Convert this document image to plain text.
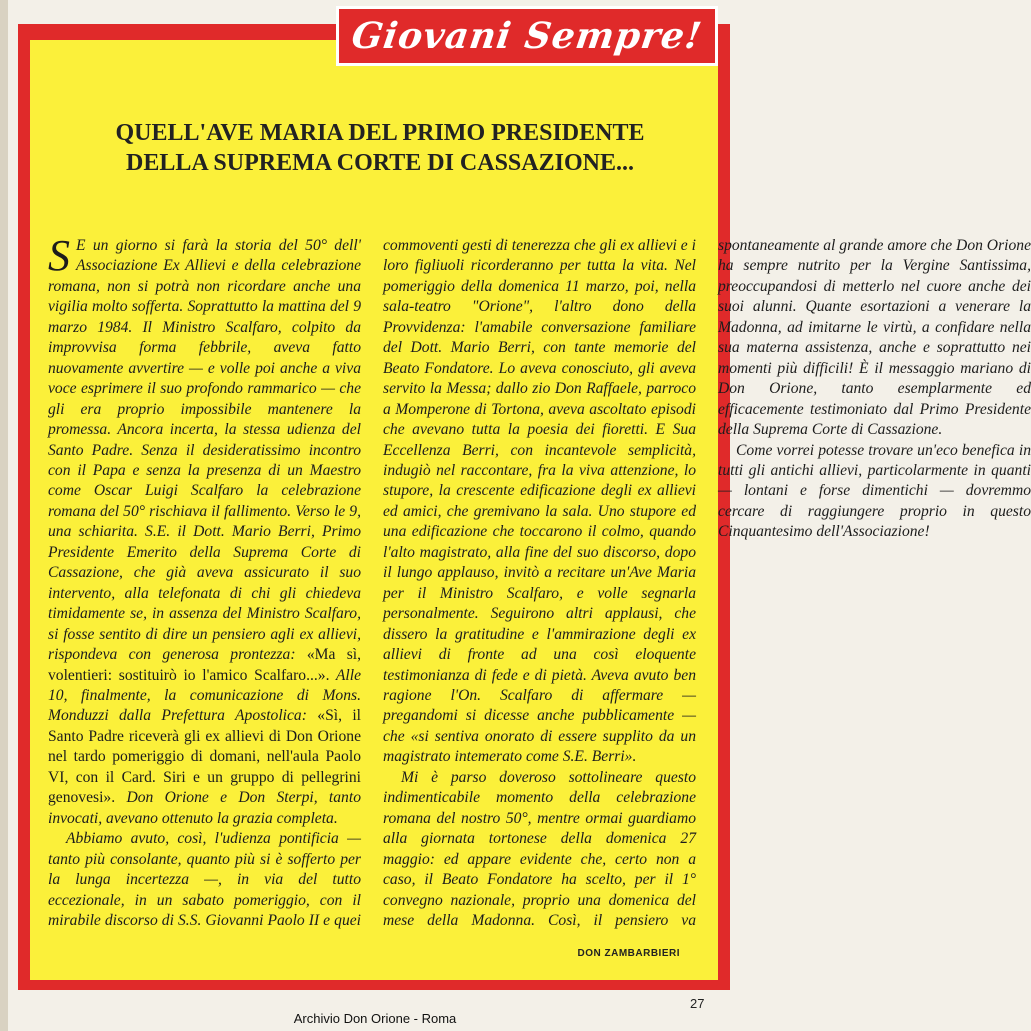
Giovani Sempre!
QUELL'AVE MARIA DEL PRIMO PRESIDENTE
DELLA SUPREMA CORTE DI CASSAZIONE...

S E un giorno si farà la storia del 50° dell' Associazione Ex Allievi e della celebrazione romana, non si potrà non ricordare anche una vigilia molto sofferta. Soprattutto la mattina del 9 marzo 1984. Il Ministro Scalfaro, colpito da improvvisa forma febbrile, aveva fatto nuovamente avvertire — e volle poi anche a viva voce esprimere il suo profondo rammarico — che gli era proprio impossibile mantenere la promessa. Ancora incerta, la stessa udienza del Santo Padre. Senza il desideratissimo incontro con il Papa e senza la presenza di un Maestro come Oscar Luigi Scalfaro la celebrazione romana del 50° rischiava il fallimento. Verso le 9, una schiarita. S.E. il Dott. Mario Berri, Primo Presidente Emerito della Suprema Corte di Cassazione, che già aveva assicurato il suo intervento, alla telefonata di chi gli chiedeva timidamente se, in assenza del Ministro Scalfaro, si fosse sentito di dire un pensiero agli ex allievi, rispondeva con generosa prontezza: «Ma sì, volentieri: sostituirò io l'amico Scalfaro...». Alle 10, finalmente, la comunicazione di Mons. Monduzzi dalla Prefettura Apostolica: «Sì, il Santo Padre riceverà gli ex allievi di Don Orione nel tardo pomeriggio di domani, nell'aula Paolo VI, con il Card. Siri e un gruppo di pellegrini genovesi». Don Orione e Don Sterpi, tanto invocati, avevano ottenuto la grazia completa.

Abbiamo avuto, così, l'udienza pontificia — tanto più consolante, quanto più si è sofferto per la lunga incertezza —, in via del tutto eccezionale, in un sabato pomeriggio, con il mirabile discorso di S.S. Giovanni Paolo II e quei commoventi gesti di tenerezza che gli ex allievi e i loro figliuoli ricorderanno per tutta la vita. Nel pomeriggio della domenica 11 marzo, poi, nella sala-teatro "Orione", l'altro dono della Provvidenza: l'amabile conversazione familiare del Dott. Mario Berri, con tante memorie del Beato Fondatore. Lo aveva conosciuto, gli aveva servito la Messa; dallo zio Don Raffaele, parroco a Momperone di Tortona, aveva ascoltato episodi che avevano tutta la poesia dei fioretti. E Sua Eccellenza Berri, con incantevole semplicità, indugiò nel raccontare, fra la viva attenzione, lo stupore, la crescente edificazione degli ex allievi ed amici, che gremivano la sala. Uno stupore ed una edificazione che toccarono il colmo, quando l'alto magistrato, alla fine del suo discorso, dopo il lungo applauso, invitò a recitare un'Ave Maria per il Ministro Scalfaro, e volle segnarla personalmente. Seguirono altri applausi, che dissero la gratitudine e l'ammirazione degli ex allievi di fronte ad una così eloquente testimonianza di fede e di pietà. Aveva avuto ben ragione l'On. Scalfaro di affermare — pregandomi si dicesse anche pubblicamente — che «si sentiva onorato di essere supplito da un magistrato intemerato come S.E. Berri».

Mi è parso doveroso sottolineare questo indimenticabile momento della celebrazione romana del nostro 50°, mentre ormai guardiamo alla giornata tortonese della domenica 27 maggio: ed appare evidente che, certo non a caso, il Beato Fondatore ha scelto, per il 1° convegno nazionale, proprio una domenica del mese della Madonna. Così, il pensiero va spontaneamente al grande amore che Don Orione ha sempre nutrito per la Vergine Santissima, preoccupandosi di metterlo nel cuore anche dei suoi alunni. Quante esortazioni a venerare la Madonna, ad imitarne le virtù, a confidare nella sua materna assistenza, anche e soprattutto nei momenti più difficili! È il messaggio mariano di Don Orione, tanto esemplarmente ed efficacemente testimoniato dal Primo Presidente della Suprema Corte di Cassazione.

Come vorrei potesse trovare un'eco benefica in tutti gli antichi allievi, particolarmente in quanti — lontani e forse dimentichi — dovremmo cercare di raggiungere proprio in questo Cinquantesimo dell'Associazione!

DON ZAMBARBIERI
27
Archivio Don Orione - Roma
